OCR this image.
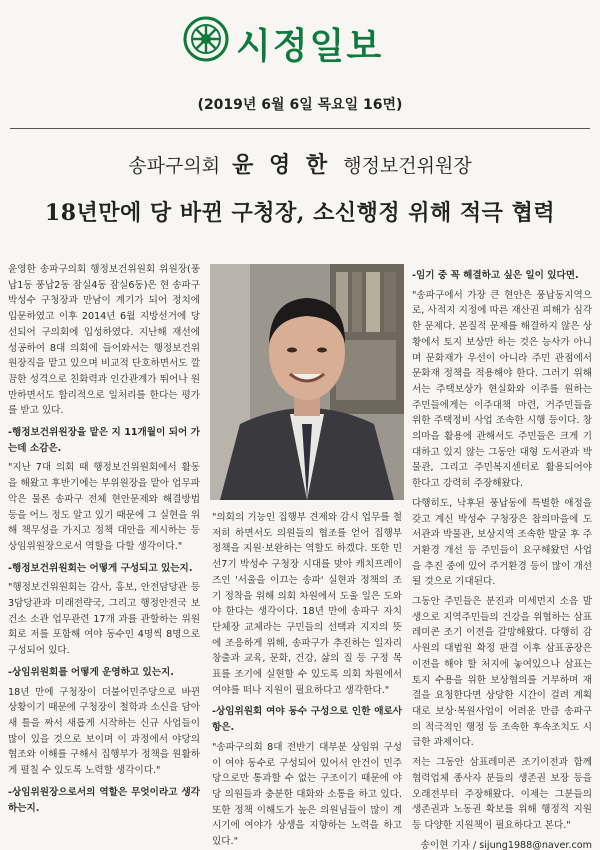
시정일보
(2019년 6월 6일 목요일 16면)
송파구의회 윤 영 한 행정보건위원장
18년만에 당 바뀐 구청장, 소신행정 위해 적극 협력

윤영한 송파구의회 행정보건위원회 위원장(풍납1동 풍납2동 잠실4동 잠실6동)은 현 송파구 박성수 구청장과 만남이 계기가 되어 정치에 입문하였고 이후 2014년 6월 지방선거에 당선되어 구의회에 입성하였다. 지난해 재선에 성공하여 8대 의회에 들어와서는 행정보건위원장직을 맡고 있으며 비교적 단호하면서도 깔끔한 성격으로 친화력과 인간관계가 뛰어나 원만하면서도 합리적으로 일처리를 한다는 평가를 받고 있다.

-행정보건위원장을 맡은 지 11개월이 되어 가는데 소감은.

"지난 7대 의회 때 행정보건위원회에서 활동을 해왔고 후반기에는 부위원장을 맡아 업무파악은 물론 송파구 전체 현안문제와 해결방법 등을 어느 정도 알고 있기 때문에 그 실현을 위해 책무성을 가지고 정책 대안을 제시하는 등 상임위원장으로서 역할을 다할 생각이다."

-행정보건위원회는 어떻게 구성되고 있는지.

"행정보건위원회는 감사, 홍보, 안전담당관 등 3담당관과 미래전략국, 그리고 행정안전국 보건소 소관 업무관련 17개 과를 관할하는 위원회로 저를 포함해 여야 동수인 4명씩 8명으로 구성되어 있다.

-상임위원회를 어떻게 운영하고 있는지.

18년 만에 구청장이 더불어민주당으로 바뀐 상황이기 때문에 구청장이 철학과 소신을 담아 새 틀을 짜서 새롭게 시작하는 신규 사업들이 많이 있을 것으로 보이며 이 과정에서 야당의 협조와 이해를 구해서 집행부가 정책을 원활하게 펼칠 수 있도록 노력할 생각이다."

-상임위원장으로서의 역할은 무엇이라고 생각하는지.

"의회의 기능인 집행부 견제와 감시 업무를 철저히 하면서도 의원들의 협조를 얻어 집행부 정책을 지원·보완하는 역할도 하겠다. 또한 민선7기 박성수 구청장 시대를 맞아 캐치프레이즈인 '서울을 이끄는 송파' 실현과 정책의 조기 정착을 위해 의회 차원에서 도울 일은 도와야 한다는 생각이다. 18년 만에 송파구 자치 단체장 교체라는 구민들의 선택과 지지의 뜻에 조응하게 위해, 송파구가 추진하는 일자리 창출과 교육, 문화, 건강, 삶의 질 등 구정 목표를 조기에 실현할 수 있도록 의회 차원에서 여야를 떠나 지원이 필요하다고 생각한다."

-상임위원회 여야 동수 구성으로 인한 애로사항은.

"송파구의회 8대 전반기 대부분 상임위 구성이 여야 동수로 구성되어 있어서 안건이 민주당으로만 통과할 수 없는 구조이기 때문에 야당 의원들과 충분한 대화와 소통을 하고 있다. 또한 정책 이해도가 높은 의원님들이 많이 계시기에 여야가 상생을 지향하는 노력을 하고 있다."

-임기 중 꼭 해결하고 싶은 일이 있다면.

"송파구에서 가장 큰 현안은 풍납동지역으로, 사적지 지정에 따른 재산권 피해가 심각한 문제다. 본질적 문제를 해결하지 않은 상황에서 토지 보상만 하는 것은 능사가 아니며 문화재가 우선이 아니라 주민 관점에서 문화재 정책을 적용해야 한다. 그러기 위해서는 주택보상가 현실화와 이주를 원하는 주민들에게는 이주대책 마련, 거주민들을 위한 주택정비 사업 조속한 시행 등이다. 창의마을 활용에 관해서도 주민들은 크게 기대하고 있지 않는 그동안 대형 도서관과 박물관, 그리고 주민복지센터로 활용되어야 한다고 강력히 주장해왔다.

다행히도, 낙후된 풍납동에 특별한 애정을 갖고 계신 박성수 구청장은 참의마을에 도서관과 박물관, 보상지역 조속한 발굴 후 주거환경 개선 등 주민들이 요구해왔던 사업을 추진 중에 있어 주거환경 등이 많이 개선 될 것으로 기대된다.

그동안 주민들은 분진과 미세먼지 소음 발생으로 지역주민들의 건강을 위협하는 삼표레미콘 조기 이전을 갈망해왔다. 다행히 감사원의 대법원 확정 판결 이후 삼표공장은 이전을 해야 할 처지에 놓여있으나 삼표는 토지 수용을 위한 보상협의를 거부하며 재결을 요청한다면 상당한 시간이 걸려 계획대로 보상·복원사업이 어려운 만큼 송파구의 적극적인 행정 등 조속한 후속조치도 시급한 과제이다.

저는 그동안 삼표레미콘 조기이전과 함께 협력업체 종사자 분들의 생존권 보장 등을 오래전부터 주장해왔다. 이제는 그분들의 생존권과 노동권 확보를 위해 행정적 지원 등 다양한 지원책이 필요하다고 본다."

송이현 기자 / sijung1988@naver.com
